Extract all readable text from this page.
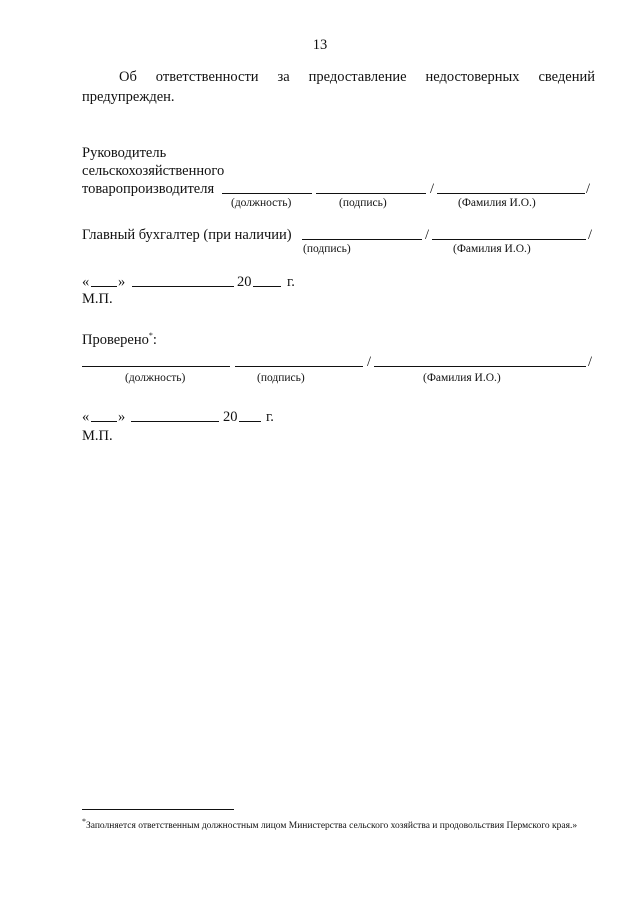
13
Об ответственности за предоставление недостоверных сведений
предупрежден.
Руководитель
сельскохозяйственного
товаропроизводителя	/	/
(должность)	(подпись)	(Фамилия И.О.)
Главный бухгалтер (при наличии)	/	/
(подпись)	(Фамилия И.О.)
« »	20 г.
М.П.
Проверено*:
/	/
(должность)	(подпись)	(Фамилия И.О.)
« »	20 г.
М.П.
*Заполняется ответственным должностным лицом Министерства сельского хозяйства и продовольствия Пермского края.»
